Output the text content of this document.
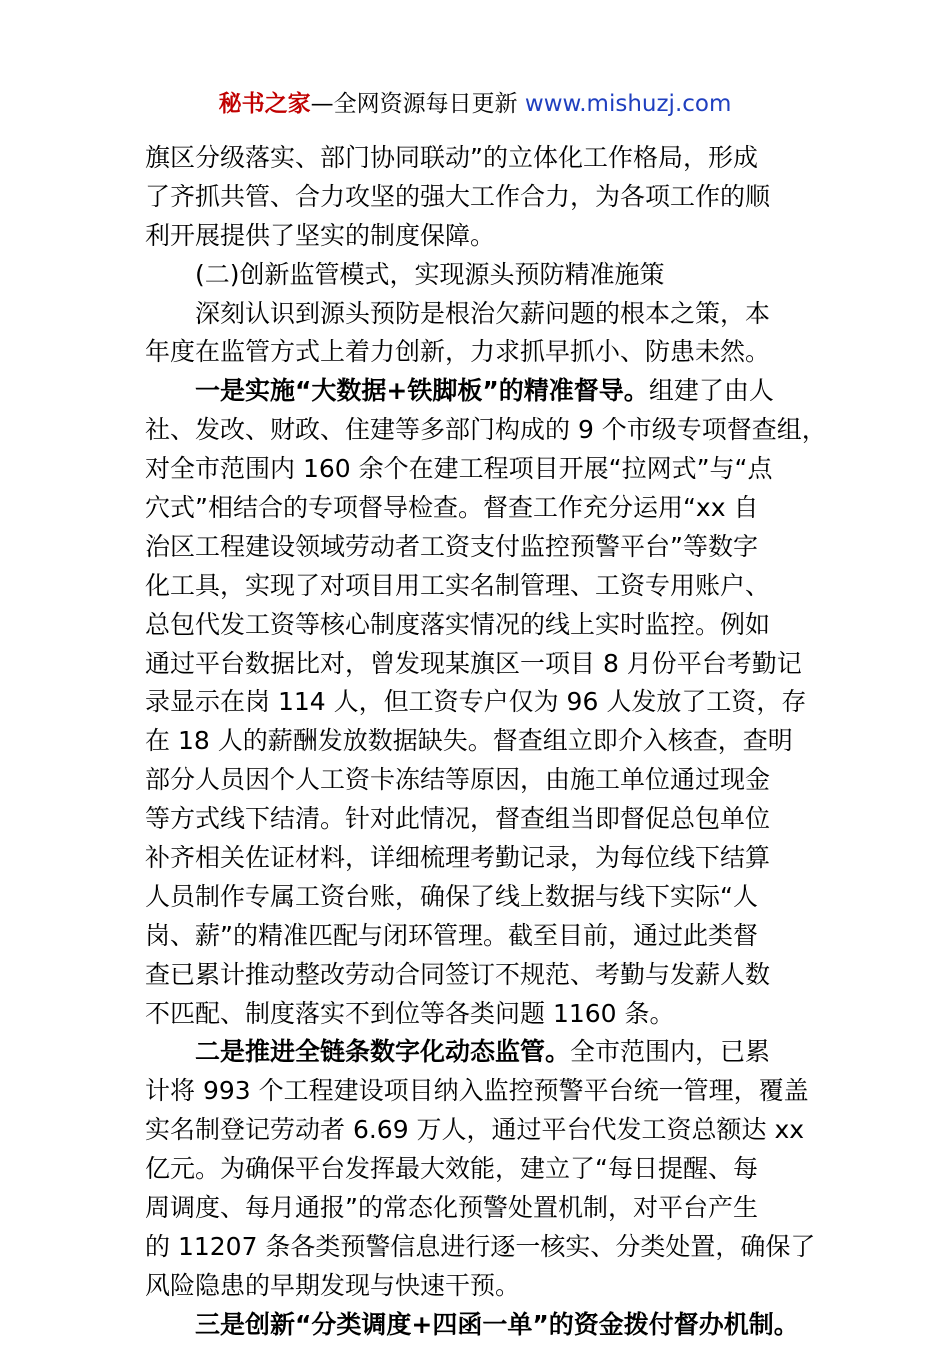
秘书之家—全网资源每日更新 www.mishuzj.com
旗区分级落实、部门协同联动”的立体化工作格局，形成
了齐抓共管、合力攻坚的强大工作合力，为各项工作的顺
利开展提供了坚实的制度保障。
(二)创新监管模式，实现源头预防精准施策
深刻认识到源头预防是根治欠薪问题的根本之策，本
年度在监管方式上着力创新，力求抓早抓小、防患未然。
一是实施“大数据+铁脚板”的精准督导。组建了由人
社、发改、财政、住建等多部门构成的 9 个市级专项督查组，
对全市范围内 160 余个在建工程项目开展“拉网式”与“点
穴式”相结合的专项督导检查。督查工作充分运用“xx 自
治区工程建设领域劳动者工资支付监控预警平台”等数字
化工具，实现了对项目用工实名制管理、工资专用账户、
总包代发工资等核心制度落实情况的线上实时监控。例如
通过平台数据比对，曾发现某旗区一项目 8 月份平台考勤记
录显示在岗 114 人，但工资专户仅为 96 人发放了工资，存
在 18 人的薪酬发放数据缺失。督查组立即介入核查，查明
部分人员因个人工资卡冻结等原因，由施工单位通过现金
等方式线下结清。针对此情况，督查组当即督促总包单位
补齐相关佐证材料，详细梳理考勤记录，为每位线下结算
人员制作专属工资台账，确保了线上数据与线下实际“人
岗、薪”的精准匹配与闭环管理。截至目前，通过此类督
查已累计推动整改劳动合同签订不规范、考勤与发薪人数
不匹配、制度落实不到位等各类问题 1160 条。
二是推进全链条数字化动态监管。全市范围内，已累
计将 993 个工程建设项目纳入监控预警平台统一管理，覆盖
实名制登记劳动者 6.69 万人，通过平台代发工资总额达 xx
亿元。为确保平台发挥最大效能，建立了“每日提醒、每
周调度、每月通报”的常态化预警处置机制，对平台产生
的 11207 条各类预警信息进行逐一核实、分类处置，确保了
风险隐患的早期发现与快速干预。
三是创新“分类调度+四函一单”的资金拨付督办机制。
